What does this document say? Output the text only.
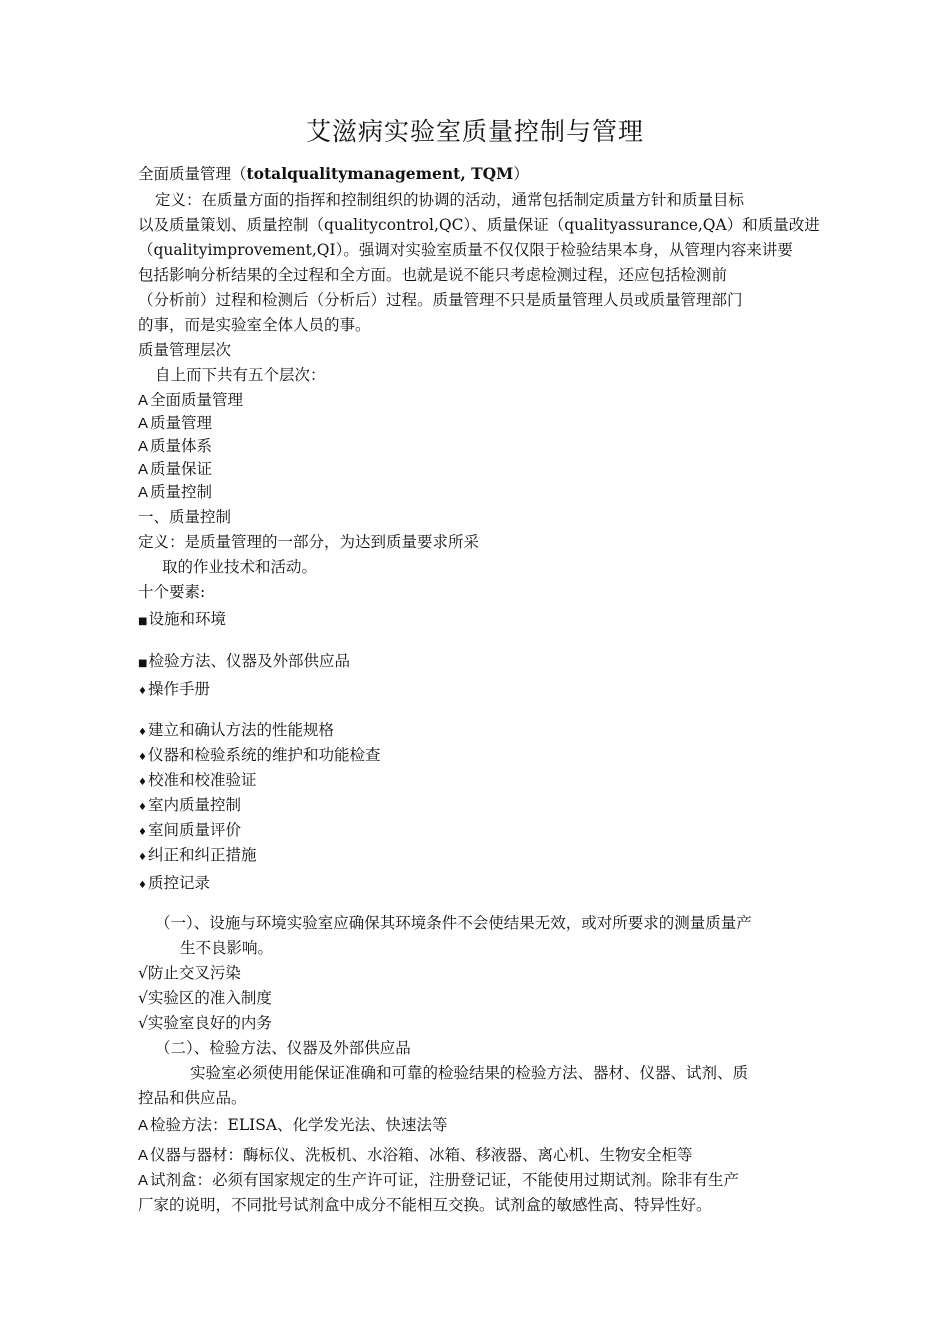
艾滋病实验室质量控制与管理
全面质量管理（totalqualitymanagement, TQM）
定义：在质量方面的指挥和控制组织的协调的活动，通常包括制定质量方针和质量目标
以及质量策划、质量控制（qualitycontrol,QC）、质量保证（qualityassurance,QA）和质量改进
（qualityimprovement,QI）。强调对实验室质量不仅仅限于检验结果本身，从管理内容来讲要
包括影响分析结果的全过程和全方面。也就是说不能只考虑检测过程，还应包括检测前
（分析前）过程和检测后（分析后）过程。质量管理不只是质量管理人员或质量管理部门
的事，而是实验室全体人员的事。
质量管理层次
自上而下共有五个层次：
A 全面质量管理
A 质量管理
A 质量体系
A 质量保证
A 质量控制
一、质量控制
定义：是质量管理的一部分，为达到质量要求所采
取的作业技术和活动。
十个要素:
■设施和环境
■检验方法、仪器及外部供应品
♦操作手册
♦建立和确认方法的性能规格
♦仪器和检验系统的维护和功能检查
♦校准和校准验证
♦室内质量控制
♦室间质量评价
♦纠正和纠正措施
♦质控记录
（一）、设施与环境实验室应确保其环境条件不会使结果无效，或对所要求的测量质量产
生不良影响。
√防止交叉污染
√实验区的准入制度
√实验室良好的内务
（二）、检验方法、仪器及外部供应品
实验室必须使用能保证准确和可靠的检验结果的检验方法、器材、仪器、试剂、质
控品和供应品。
A 检验方法：ELISA、化学发光法、快速法等
A 仪器与器材：酶标仪、洗板机、水浴箱、冰箱、移液器、离心机、生物安全柜等
A 试剂盒：必须有国家规定的生产许可证，注册登记证，不能使用过期试剂。除非有生产
厂家的说明，不同批号试剂盒中成分不能相互交换。试剂盒的敏感性高、特异性好。
